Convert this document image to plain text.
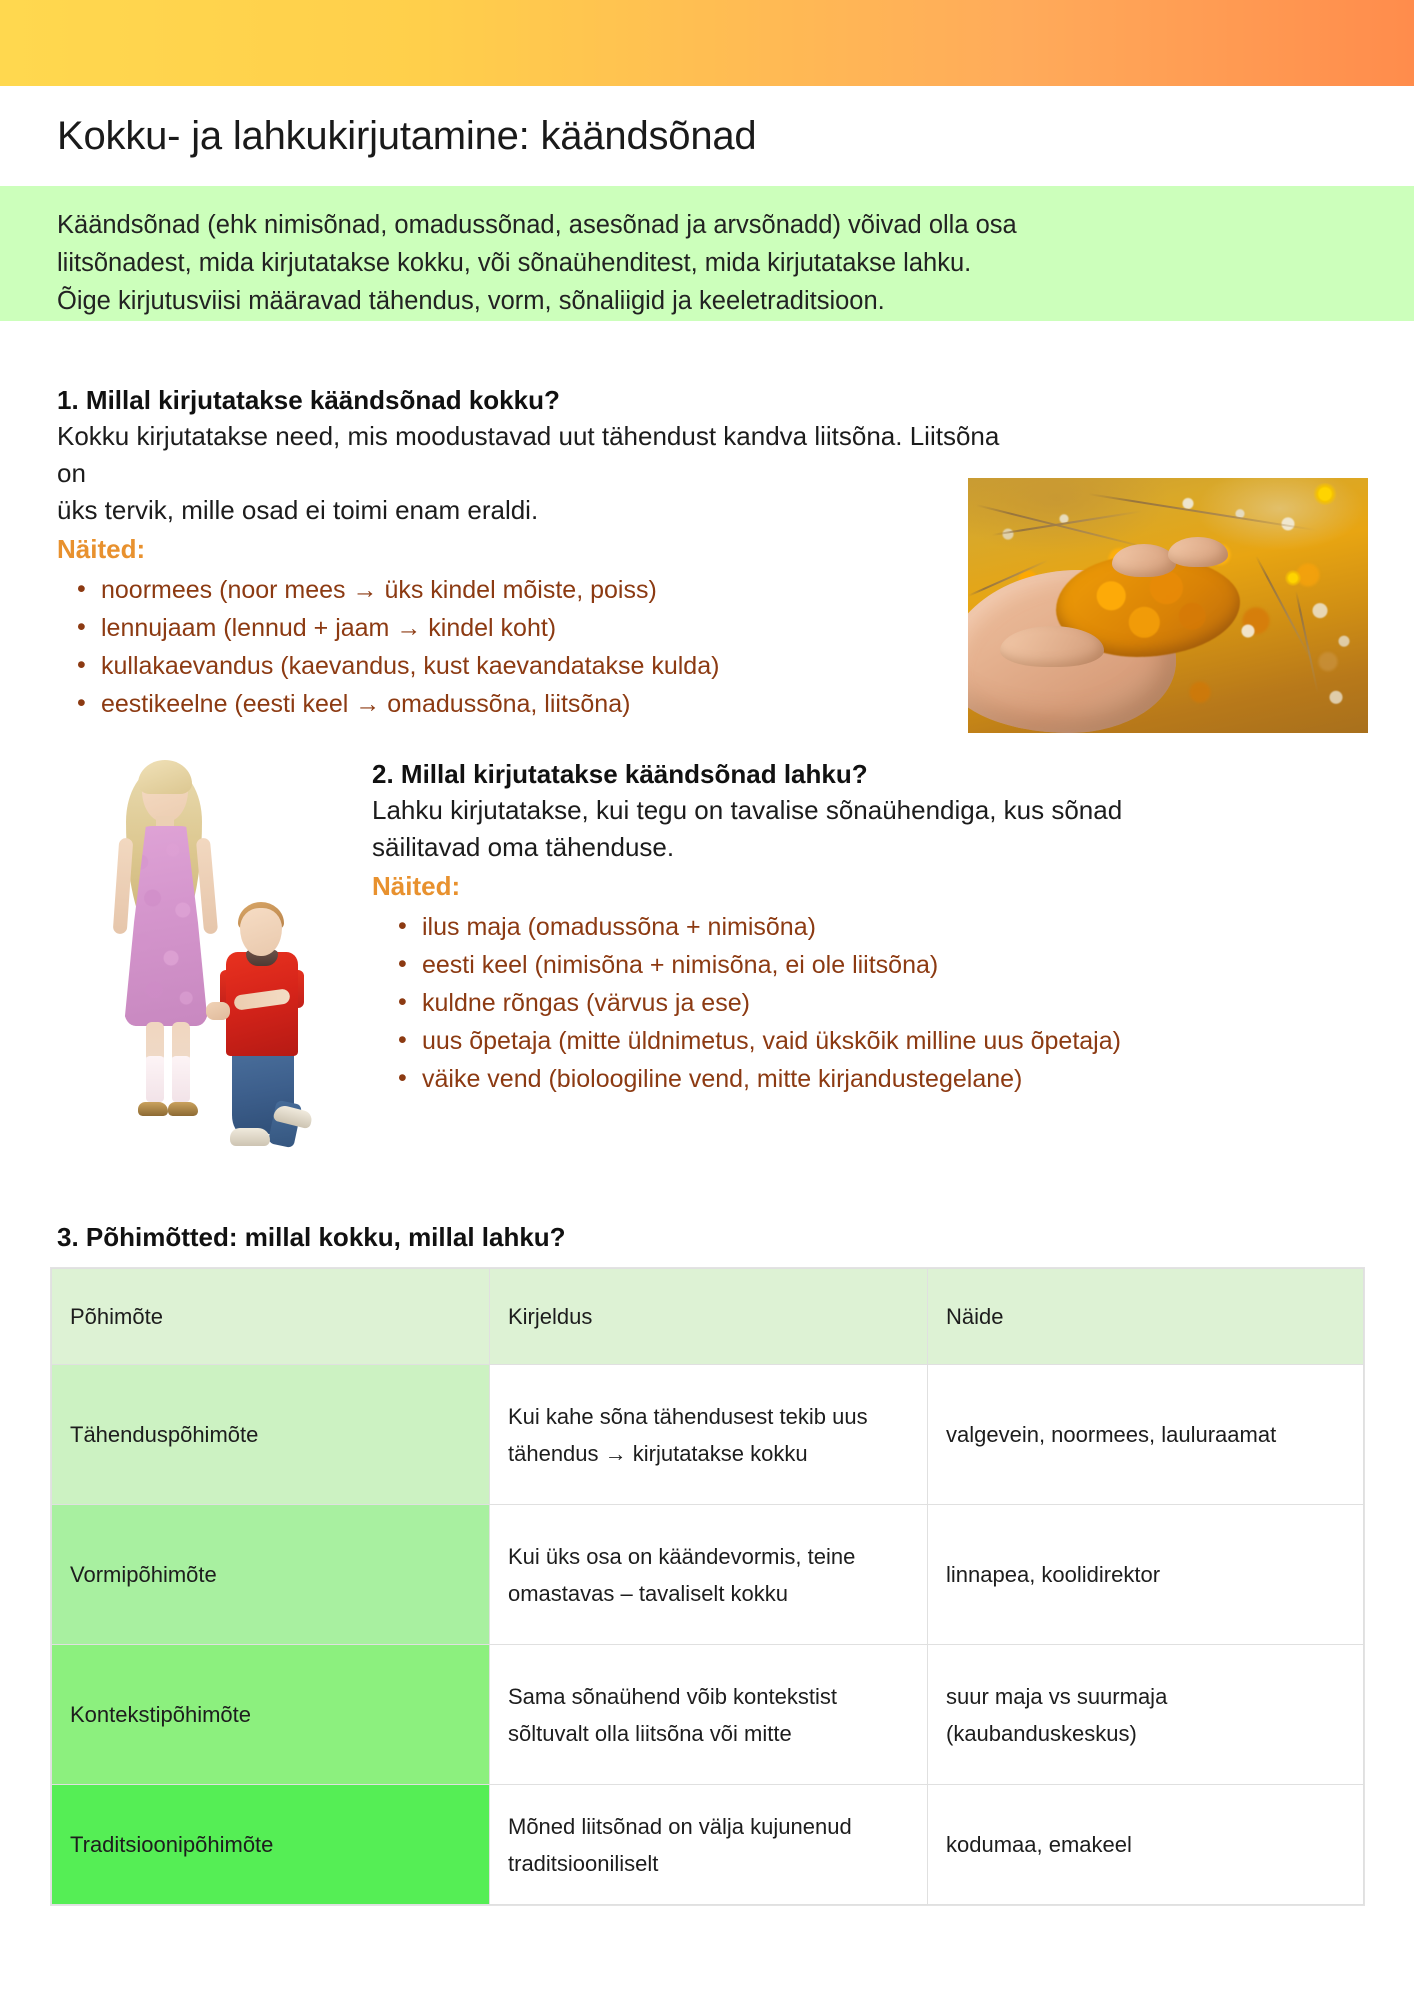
Kokku- ja lahkukirjutamine: käändsõnad
Käändsõnad (ehk nimisõnad, omadussõnad, asesõnad ja arvsõnadd) võivad olla osa
liitsõnadest, mida kirjutatakse kokku, või sõnaühenditest, mida kirjutatakse lahku.
Õige kirjutusviisi määravad tähendus, vorm, sõnaliigid ja keeletraditsioon.
1. Millal kirjutatakse käändsõnad kokku?
Kokku kirjutatakse need, mis moodustavad uut tähendust kandva liitsõna. Liitsõna on
üks tervik, mille osad ei toimi enam eraldi.
Näited:
• noormees (noor mees → üks kindel mõiste, poiss)
• lennujaam (lennud + jaam → kindel koht)
• kullakaevandus (kaevandus, kust kaevandatakse kulda)
• eestikeelne (eesti keel → omadussõna, liitsõna)
2. Millal kirjutatakse käändsõnad lahku?
Lahku kirjutatakse, kui tegu on tavalise sõnaühendiga, kus sõnad
säilitavad oma tähenduse.
Näited:
• ilus maja (omadussõna + nimisõna)
• eesti keel (nimisõna + nimisõna, ei ole liitsõna)
• kuldne rõngas (värvus ja ese)
• uus õpetaja (mitte üldnimetus, vaid ükskõik milline uus õpetaja)
• väike vend (bioloogiline vend, mitte kirjandustegelane)
3. Põhimõtted: millal kokku, millal lahku?
Põhimõte	Kirjeldus	Näide
Tähenduspõhimõte	Kui kahe sõna tähendusest tekib uus tähendus → kirjutatakse kokku	valgevein, noormees, lauluraamat
Vormipõhimõte	Kui üks osa on käändevormis, teine omastavas – tavaliselt kokku	linnapea, koolidirektor
Kontekstipõhimõte	Sama sõnaühend võib kontekstist sõltuvalt olla liitsõna või mitte	suur maja vs suurmaja (kaubanduskeskus)
Traditsioonipõhimõte	Mõned liitsõnad on välja kujunenud traditsiooniliselt	kodumaa, emakeel
